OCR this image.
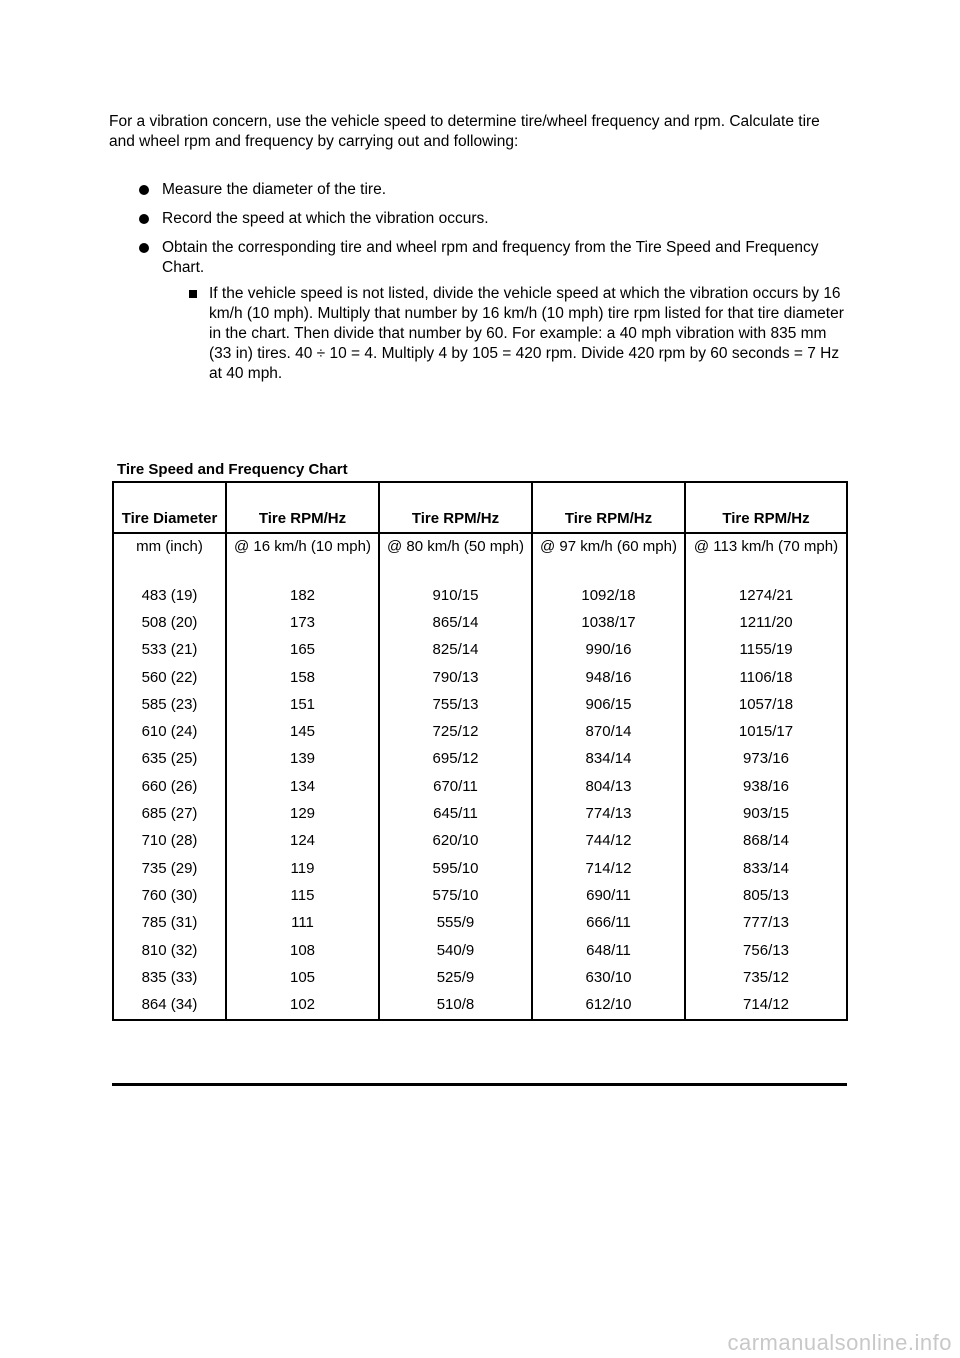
For a vibration concern, use the vehicle speed to determine tire/wheel frequency and rpm. Calculate tire and wheel rpm and frequency by carrying out and following:

Measure the diameter of the tire.
Record the speed at which the vibration occurs.
Obtain the corresponding tire and wheel rpm and frequency from the Tire Speed and Frequency Chart.
If the vehicle speed is not listed, divide the vehicle speed at which the vibration occurs by 16 km/h (10 mph). Multiply that number by 16 km/h (10 mph) tire rpm listed for that tire diameter in the chart. Then divide that number by 60. For example: a 40 mph vibration with 835 mm (33 in) tires. 40 ÷ 10 = 4. Multiply 4 by 105 = 420 rpm. Divide 420 rpm by 60 seconds = 7 Hz at 40 mph.
Tire Speed and Frequency Chart
Tire Diameter	Tire RPM/Hz	Tire RPM/Hz	Tire RPM/Hz	Tire RPM/Hz
mm (inch)	@ 16 km/h (10 mph)	@ 80 km/h (50 mph)	@ 97 km/h (60 mph)	@ 113 km/h (70 mph)
483 (19)	182	910/15	1092/18	1274/21
508 (20)	173	865/14	1038/17	1211/20
533 (21)	165	825/14	990/16	1155/19
560 (22)	158	790/13	948/16	1106/18
585 (23)	151	755/13	906/15	1057/18
610 (24)	145	725/12	870/14	1015/17
635 (25)	139	695/12	834/14	973/16
660 (26)	134	670/11	804/13	938/16
685 (27)	129	645/11	774/13	903/15
710 (28)	124	620/10	744/12	868/14
735 (29)	119	595/10	714/12	833/14
760 (30)	115	575/10	690/11	805/13
785 (31)	111	555/9	666/11	777/13
810 (32)	108	540/9	648/11	756/13
835 (33)	105	525/9	630/10	735/12
864 (34)	102	510/8	612/10	714/12
carmanualsonline.info
